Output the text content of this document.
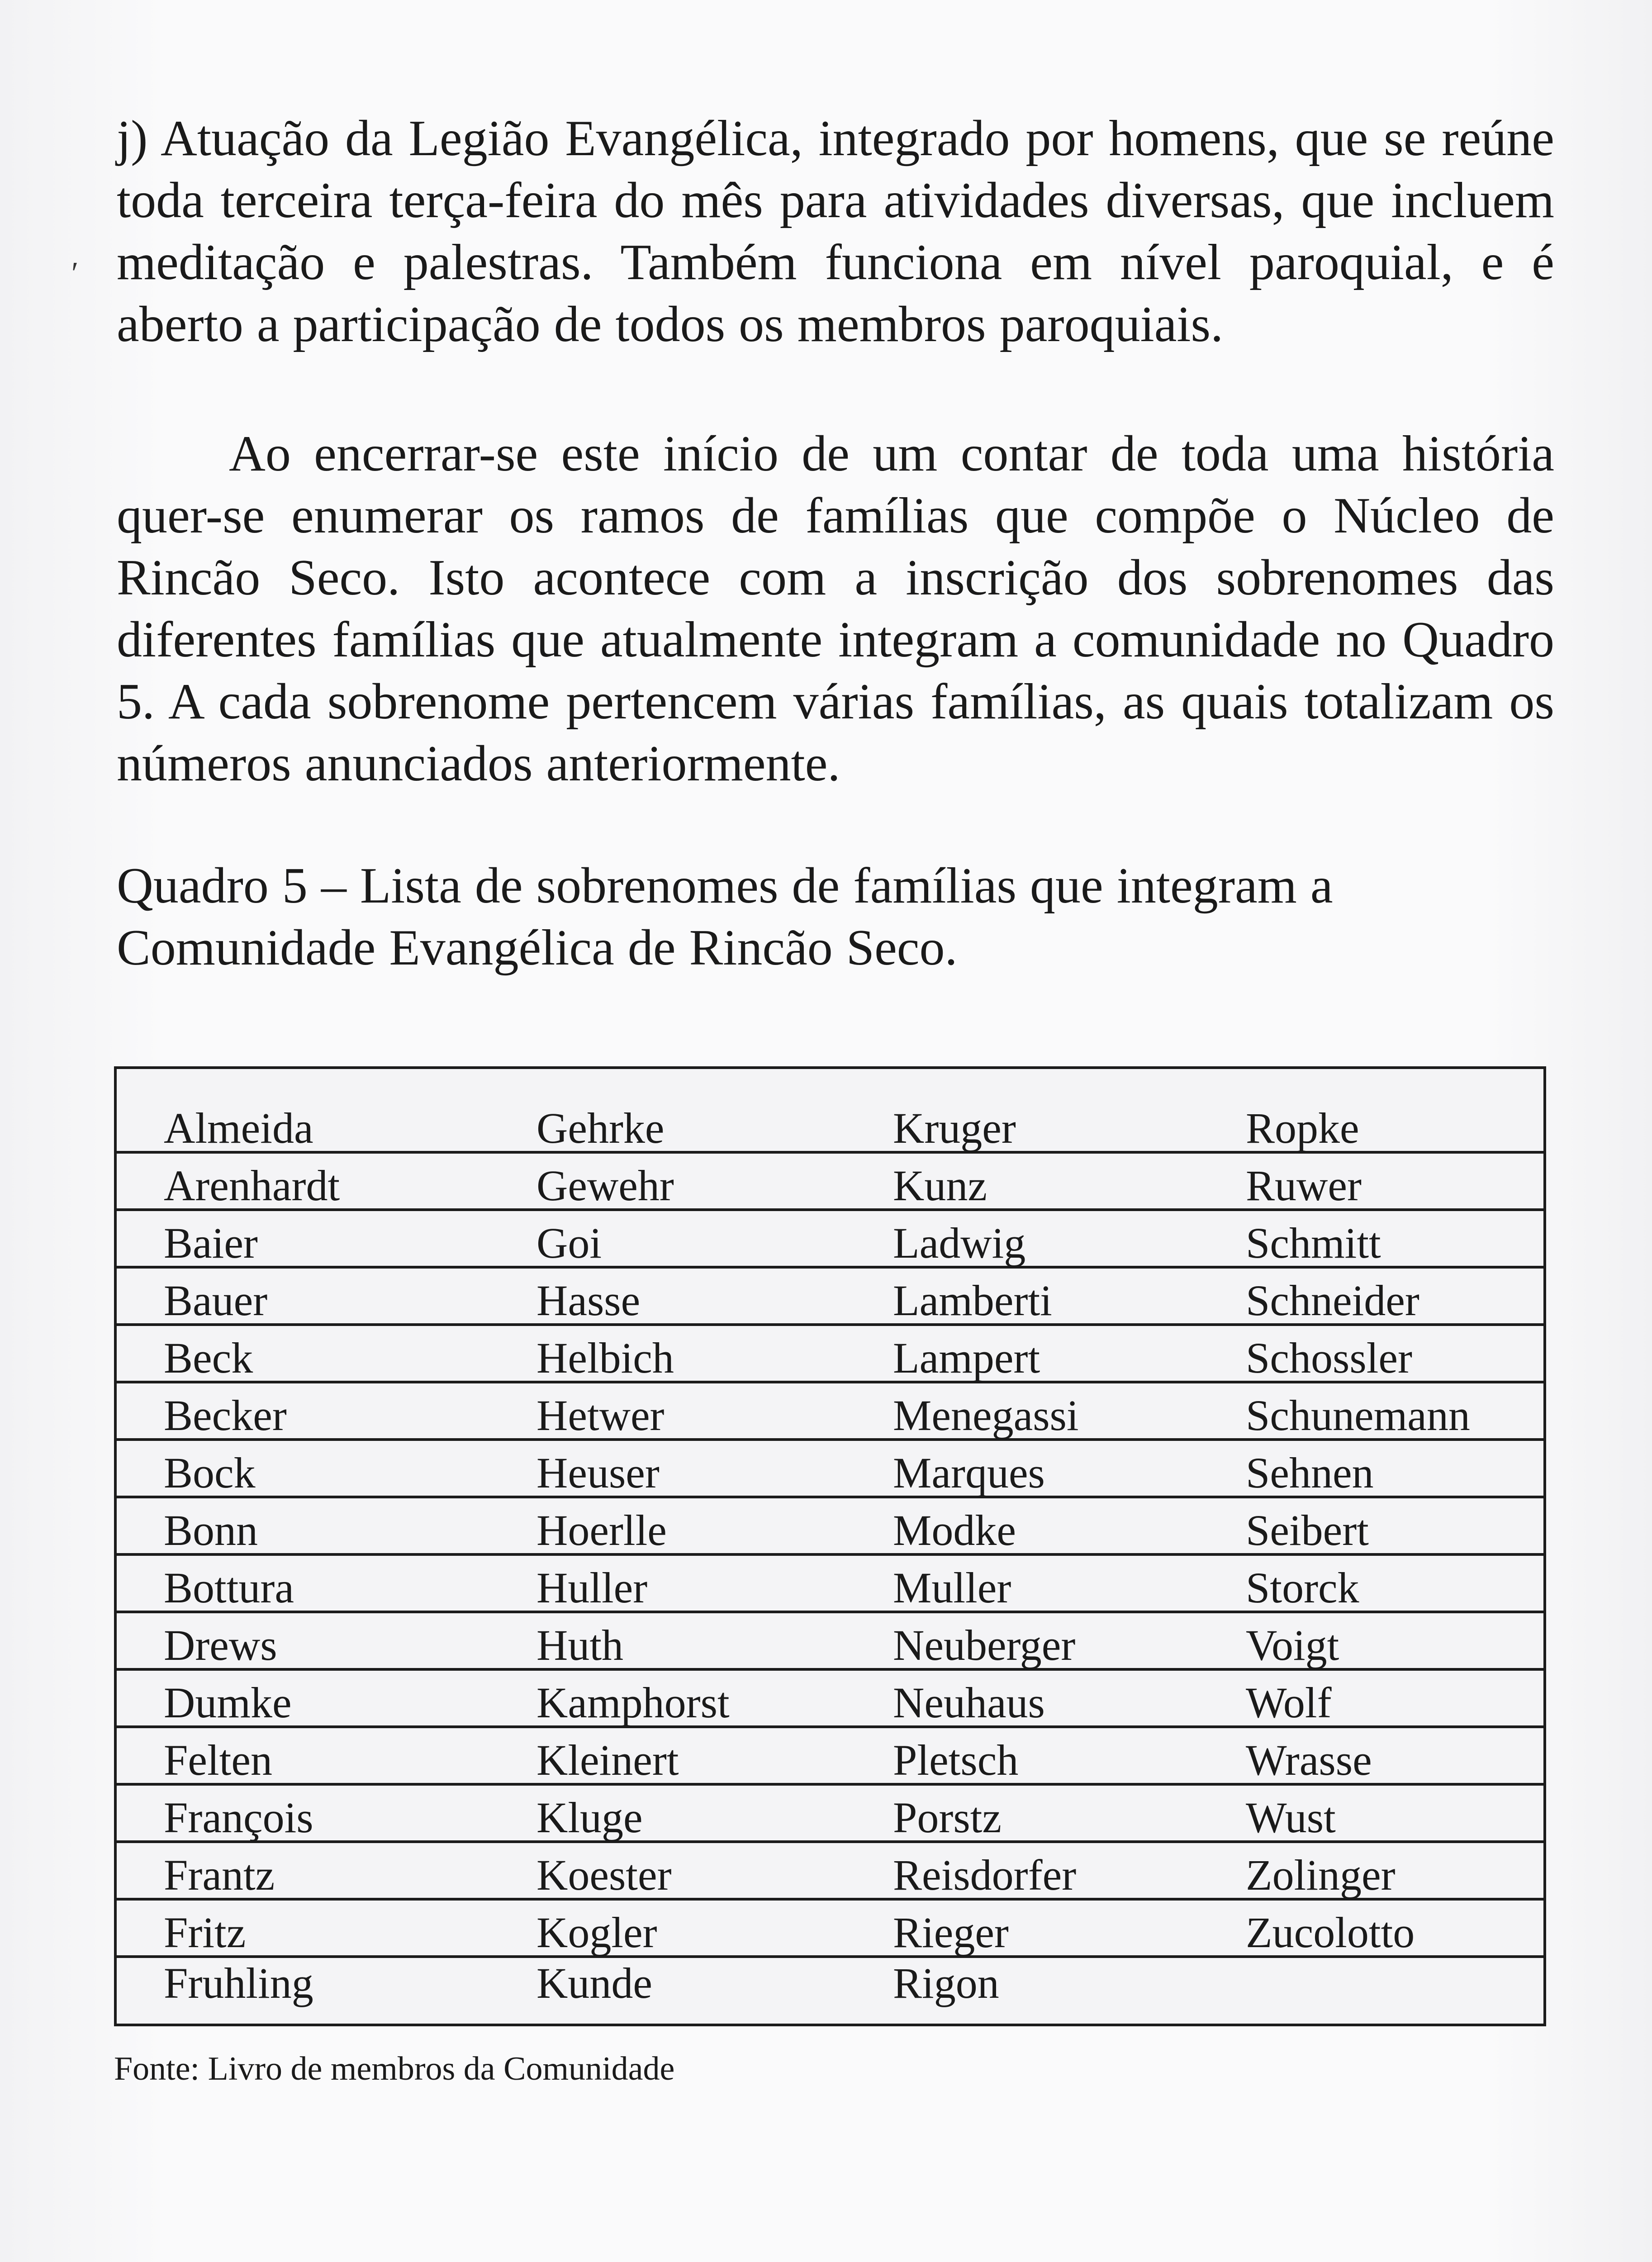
ʹ

j) Atuação da Legião Evangélica, integrado por homens, que se reúne toda terceira terça-feira do mês para atividades diversas, que incluem meditação e palestras. Também funciona em nível paroquial, e é aberto a participação de todos os membros paroquiais.

Ao encerrar-se este início de um contar de toda uma história quer-se enumerar os ramos de famílias que compõe o Núcleo de Rincão Seco. Isto acontece com a inscrição dos sobrenomes das diferentes famílias que atualmente integram a comunidade no Quadro 5. A cada sobrenome pertencem várias famílias, as quais totalizam os números anunciados anteriormente.

Quadro 5 – Lista de sobrenomes de famílias que integram a Comunidade Evangélica de Rincão Seco.

Almeida	Gehrke	Kruger	Ropke
Arenhardt	Gewehr	Kunz	Ruwer
Baier	Goi	Ladwig	Schmitt
Bauer	Hasse	Lamberti	Schneider
Beck	Helbich	Lampert	Schossler
Becker	Hetwer	Menegassi	Schunemann
Bock	Heuser	Marques	Sehnen
Bonn	Hoerlle	Modke	Seibert
Bottura	Huller	Muller	Storck
Drews	Huth	Neuberger	Voigt
Dumke	Kamphorst	Neuhaus	Wolf
Felten	Kleinert	Pletsch	Wrasse
François	Kluge	Porstz	Wust
Frantz	Koester	Reisdorfer	Zolinger
Fritz	Kogler	Rieger	Zucolotto
Fruhling	Kunde	Rigon

Fonte: Livro de membros da Comunidade
